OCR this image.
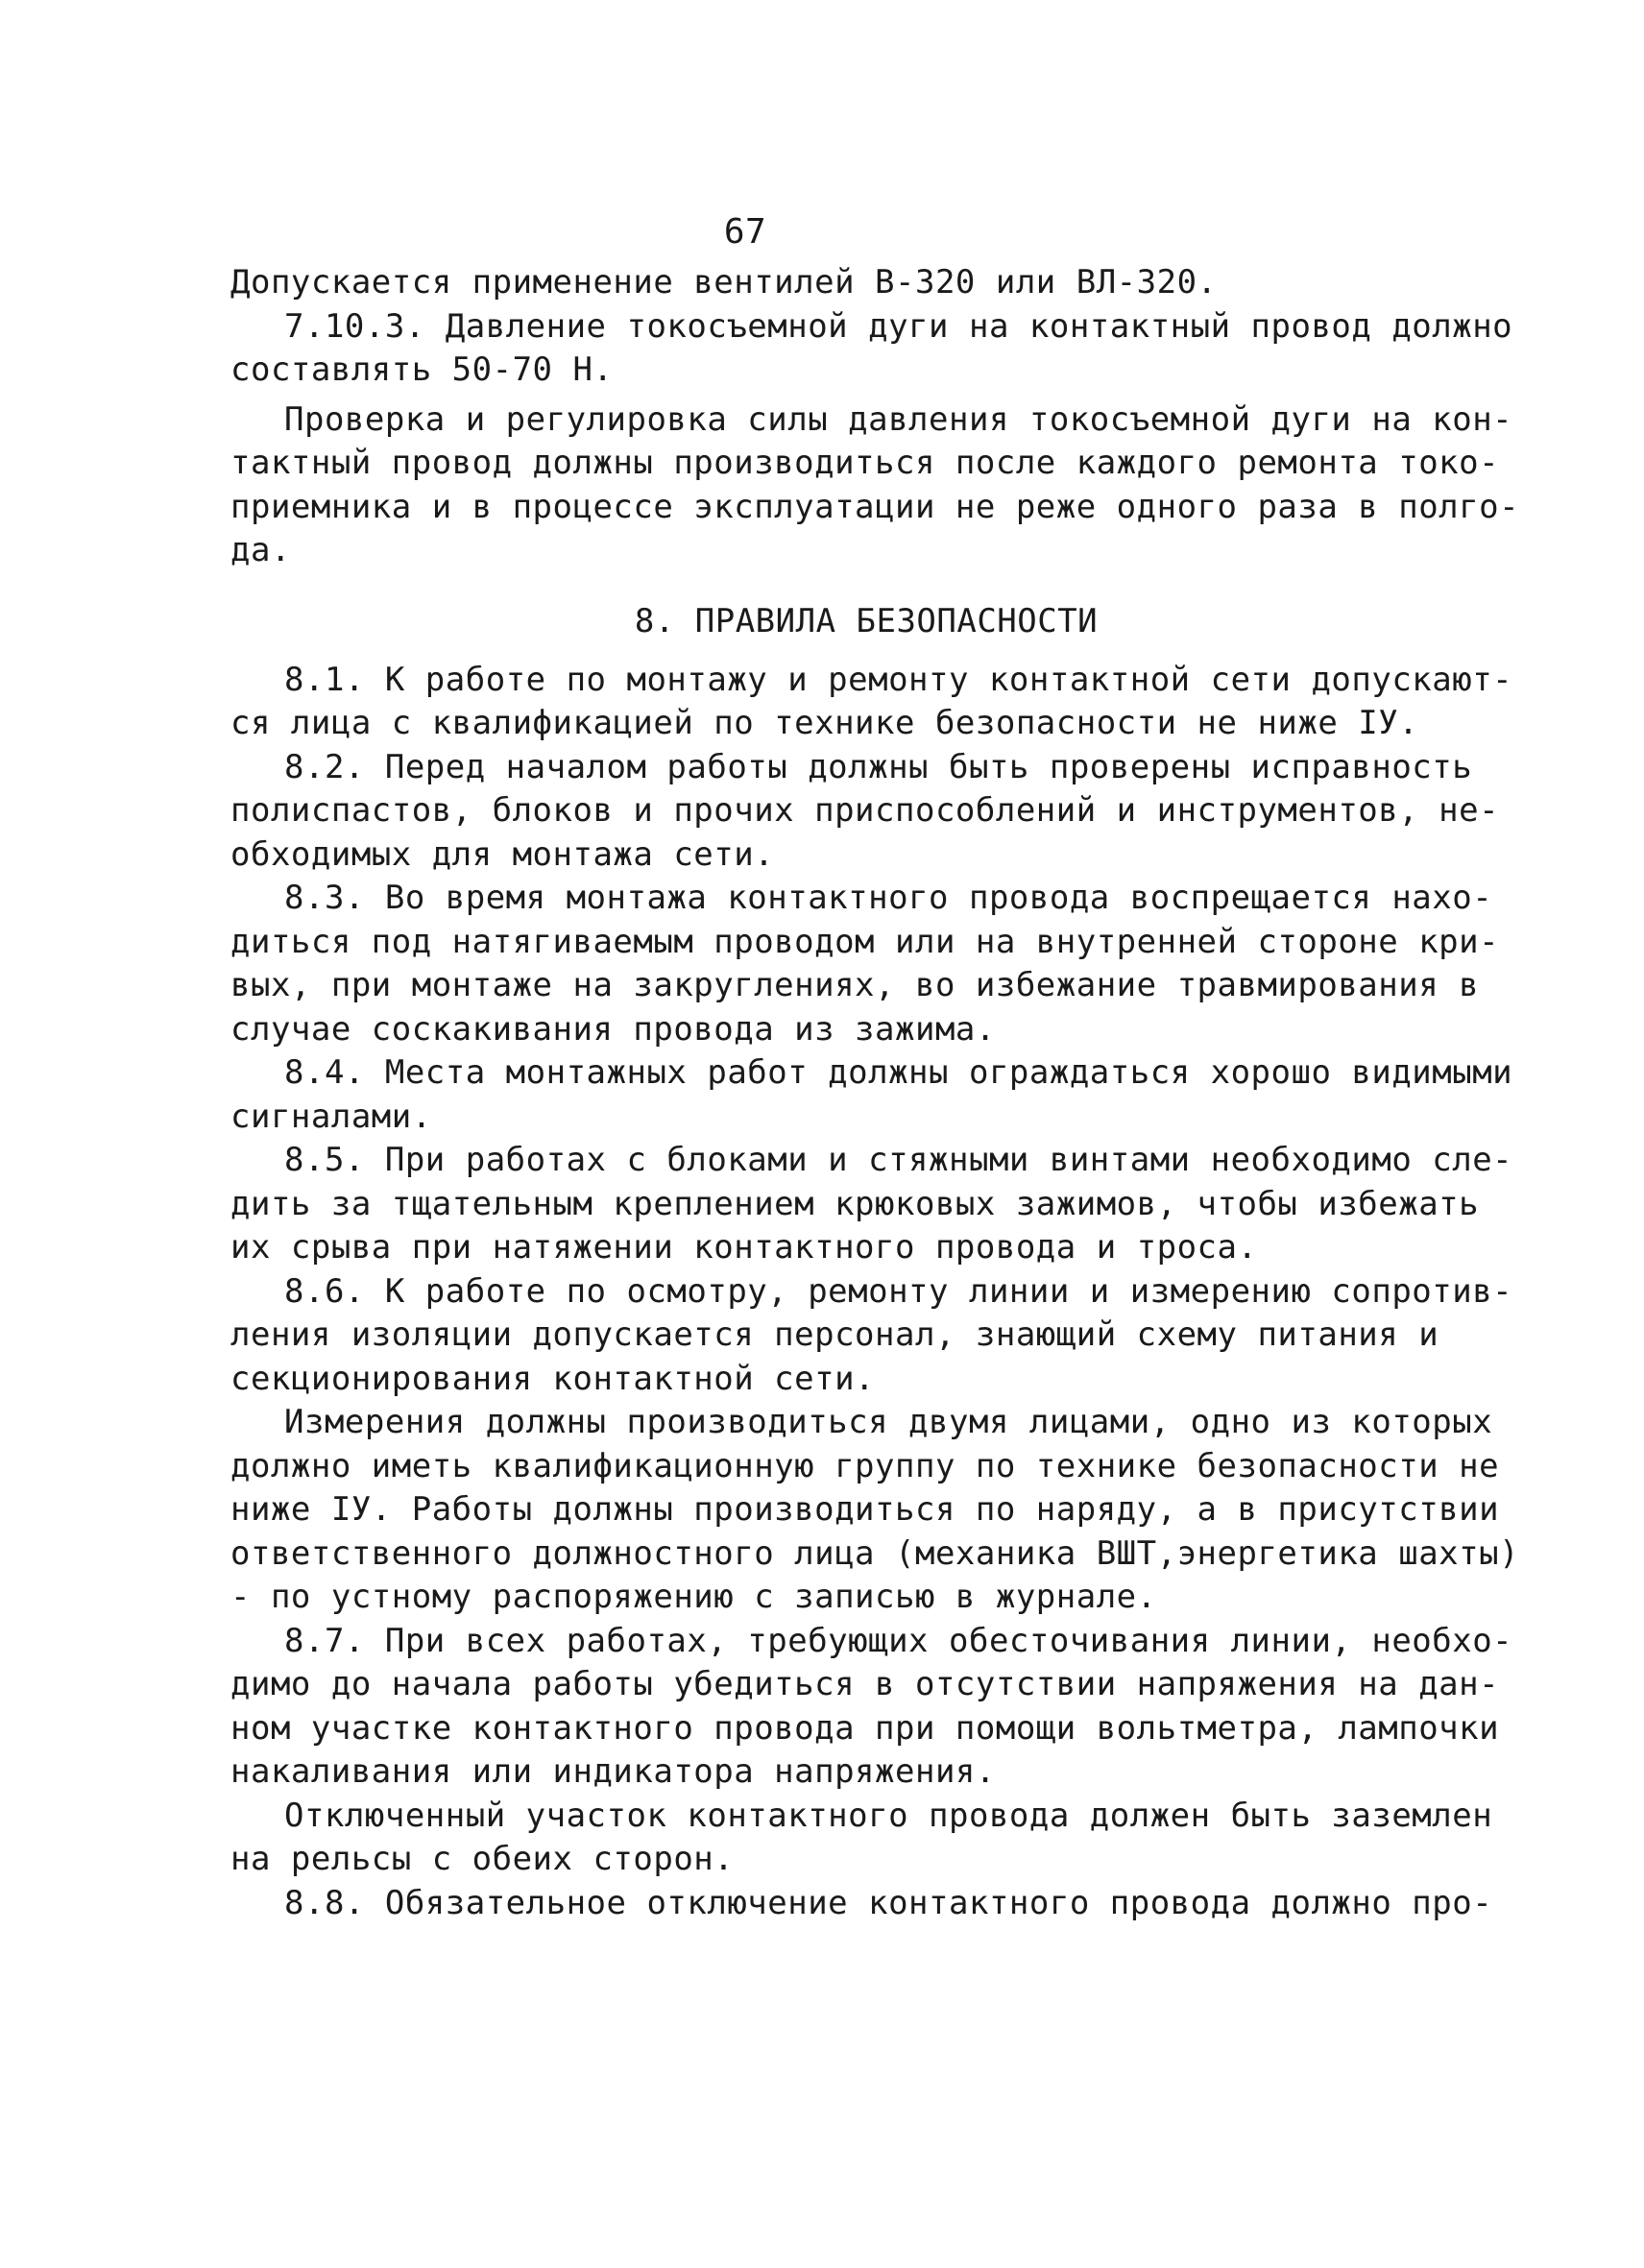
67
Допускается применение вентилей В-320 или ВЛ-320.
7.10.3. Давление токосъемной дуги на контактный провод должно
составлять 50-70 Н.
Проверка и регулировка силы давления токосъемной дуги на кон-
тактный провод должны производиться после каждого ремонта токо-
приемника и в процессе эксплуатации не реже одного раза в полго-
да.
8. ПРАВИЛА БЕЗОПАСНОСТИ
8.1. К работе по монтажу и ремонту контактной сети допускают-
ся лица с квалификацией по технике безопасности не ниже IУ.
8.2. Перед началом работы должны быть проверены исправность
полиспастов, блоков и прочих приспособлений и инструментов, не-
обходимых для монтажа сети.
8.3. Во время монтажа контактного провода воспрещается нахо-
диться под натягиваемым проводом или на внутренней стороне кри-
вых, при монтаже на закруглениях, во избежание травмирования в
случае соскакивания провода из зажима.
8.4. Места монтажных работ должны ограждаться хорошо видимыми
сигналами.
8.5. При работах с блоками и стяжными винтами необходимо сле-
дить за тщательным креплением крюковых зажимов, чтобы избежать
их срыва при натяжении контактного провода и троса.
8.6. К работе по осмотру, ремонту линии и измерению сопротив-
ления изоляции допускается персонал, знающий схему питания и
секционирования контактной сети.
Измерения должны производиться двумя лицами, одно из которых
должно иметь квалификационную группу по технике безопасности не
ниже IУ. Работы должны производиться по наряду, а в присутствии
ответственного должностного лица (механика ВШТ,энергетика шахты)
- по устному распоряжению с записью в журнале.
8.7. При всех работах, требующих обесточивания линии, необхо-
димо до начала работы убедиться в отсутствии напряжения на дан-
ном участке контактного провода при помощи вольтметра, лампочки
накаливания или индикатора напряжения.
Отключенный участок контактного провода должен быть заземлен
на рельсы с обеих сторон.
8.8. Обязательное отключение контактного провода должно про-
